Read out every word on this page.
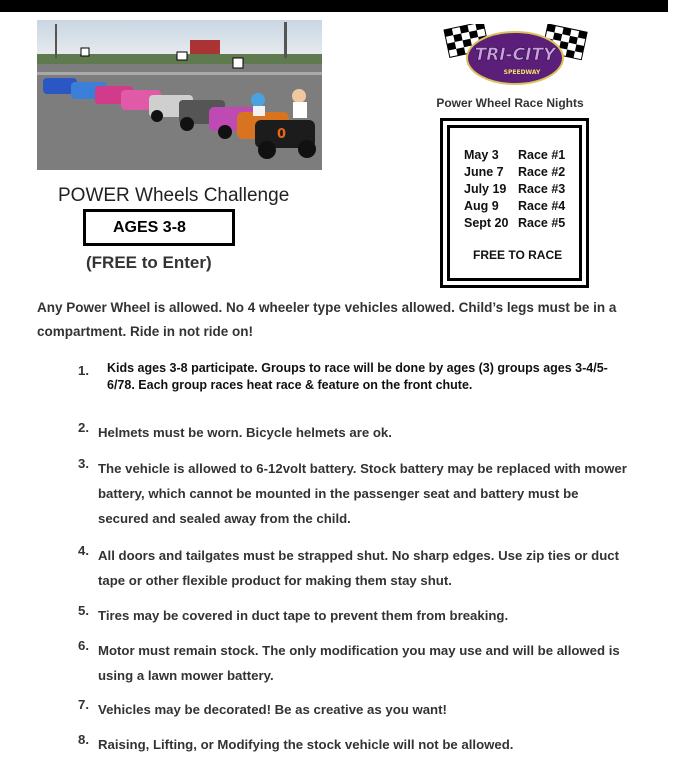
0
TRI-CITY
SPEEDWAY
Power Wheel Race Nights
May 3 Race #1
June 7 Race #2
July 19 Race #3
Aug 9 Race #4
Sept 20 Race #5
FREE TO RACE
POWER Wheels Challenge
AGES 3-8
(FREE to Enter)
Any Power Wheel is allowed. No 4 wheeler type vehicles allowed. Child’s legs must be in a compartment. Ride in not ride on!
1.	Kids ages 3-8 participate. Groups to race will be done by ages (3) groups ages 3-4/5-6/78. Each group races heat race & feature on the front chute.
2. Helmets must be worn. Bicycle helmets are ok.
3. The vehicle is allowed to 6-12volt battery. Stock battery may be replaced with mower battery, which cannot be mounted in the passenger seat and battery must be secured and sealed away from the child.
4. All doors and tailgates must be strapped shut. No sharp edges. Use zip ties or duct tape or other flexible product for making them stay shut.
5. Tires may be covered in duct tape to prevent them from breaking.
6. Motor must remain stock. The only modification you may use and will be allowed is using a lawn mower battery.
7. Vehicles may be decorated! Be as creative as you want!
8. Raising, Lifting, or Modifying the stock vehicle will not be allowed.
